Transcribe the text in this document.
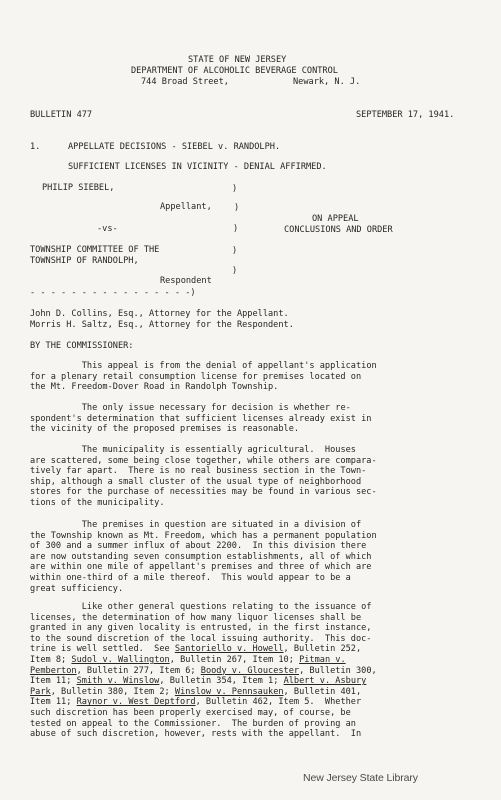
STATE OF NEW JERSEY
DEPARTMENT OF ALCOHOLIC BEVERAGE CONTROL
744 Broad Street,	Newark, N. J.
BULLETIN 477	SEPTEMBER 17, 1941.
1.	APPELLATE DECISIONS - SIEBEL v. RANDOLPH.
SUFFICIENT LICENSES IN VICINITY - DENIAL AFFIRMED.
PHILIP SIEBEL,	)
Appellant,	)
-vs-	)
ON APPEAL
CONCLUSIONS AND ORDER
TOWNSHIP COMMITTEE OF THE	)
TOWNSHIP OF RANDOLPH,
)
Respondent
- - - - - - - - - - - - - - - -)
John D. Collins, Esq., Attorney for the Appellant.
Morris H. Saltz, Esq., Attorney for the Respondent.
BY THE COMMISSIONER:
This appeal is from the denial of appellant's application
for a plenary retail consumption license for premises located on
the Mt. Freedom-Dover Road in Randolph Township.
The only issue necessary for decision is whether re-
spondent's determination that sufficient licenses already exist in
the vicinity of the proposed premises is reasonable.
The municipality is essentially agricultural.  Houses
are scattered, some being close together, while others are compara-
tively far apart.  There is no real business section in the Town-
ship, although a small cluster of the usual type of neighborhood
stores for the purchase of necessities may be found in various sec-
tions of the municipality.
The premises in question are situated in a division of
the Township known as Mt. Freedom, which has a permanent population
of 300 and a summer influx of about 2200.  In this division there
are now outstanding seven consumption establishments, all of which
are within one mile of appellant's premises and three of which are
within one-third of a mile thereof.  This would appear to be a
great sufficiency.
Like other general questions relating to the issuance of
licenses, the determination of how many liquor licenses shall be
granted in any given locality is entrusted, in the first instance,
to the sound discretion of the local issuing authority.  This doc-
trine is well settled.  See Santoriello v. Howell, Bulletin 252,
Item 8; Sudol v. Wallington, Bulletin 267, Item 10; Pitman v.
Pemberton, Bulletin 277, Item 6; Boody v. Gloucester, Bulletin 300,
Item 11; Smith v. Winslow, Bulletin 354, Item 1; Albert v. Asbury
Park, Bulletin 380, Item 2; Winslow v. Pennsauken, Bulletin 401,
Item 11; Raynor v. West Deptford, Bulletin 462, Item 5.  Whether
such discretion has been properly exercised may, of course, be
tested on appeal to the Commissioner.  The burden of proving an
abuse of such discretion, however, rests with the appellant.  In
New Jersey State Library
